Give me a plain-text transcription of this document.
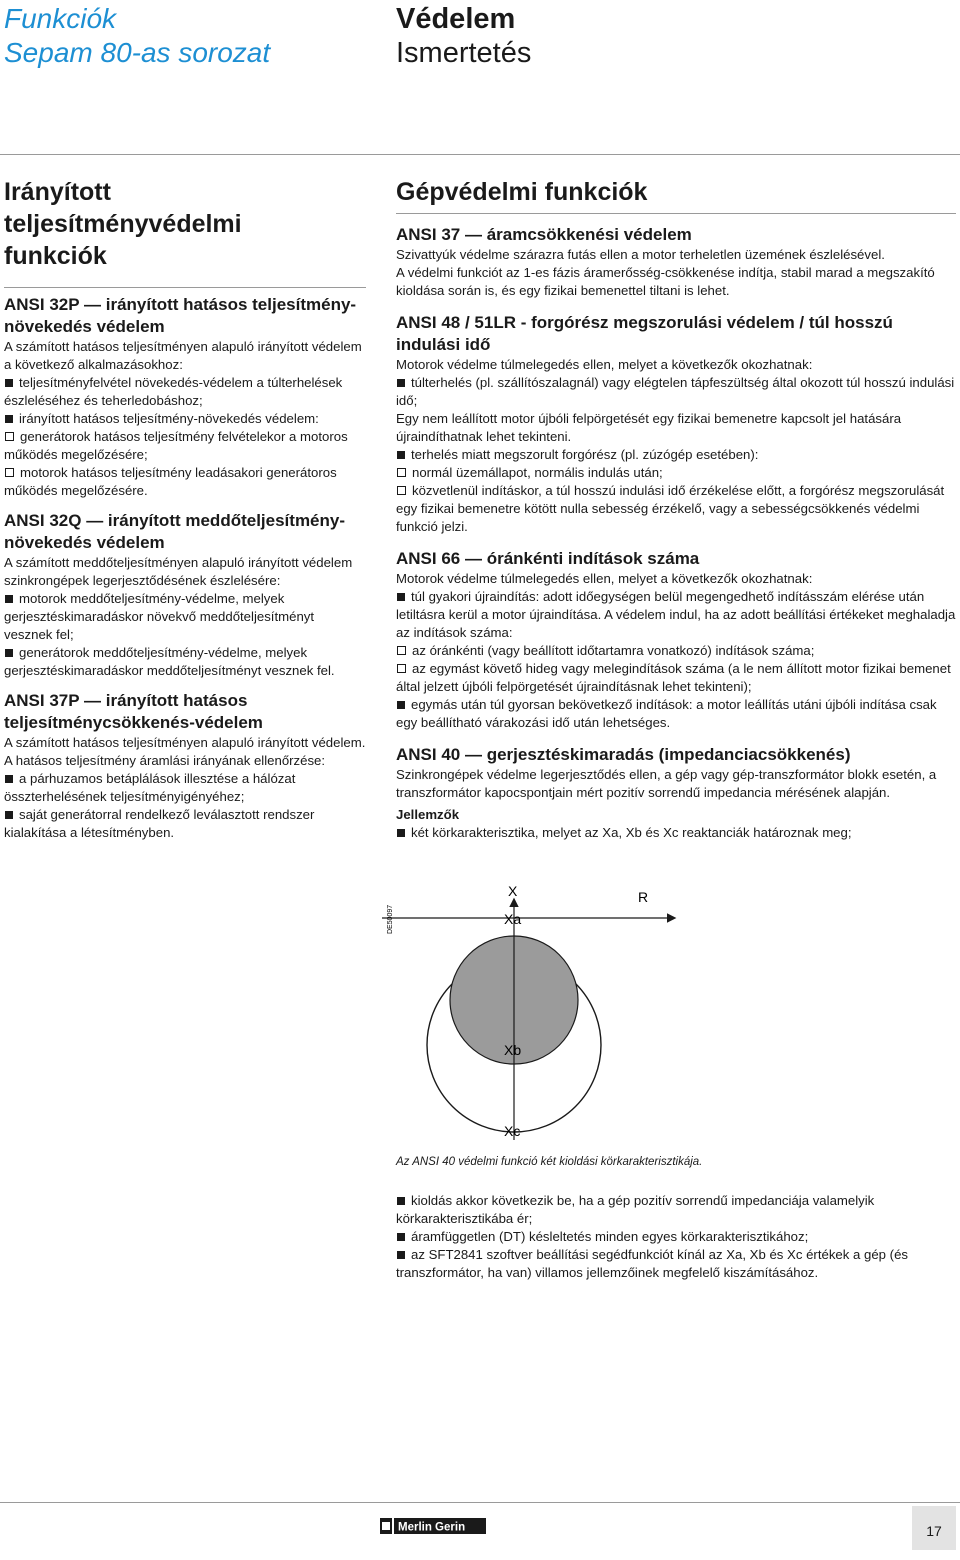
Funkciók
Sepam 80-as sorozat
Védelem
Ismertetés
Irányított teljesítményvédelmi funkciók
ANSI 32P — irányított hatásos teljesítmény-növekedés védelem

A számított hatásos teljesítményen alapuló irányított védelem a következő alkalmazásokhoz:

teljesítményfelvétel növekedés-védelem a túlterhelések észleléséhez és teherledobáshoz;

irányított hatásos teljesítmény-növekedés védelem:

generátorok hatásos teljesítmény felvételekor a motoros működés megelőzésére;

motorok hatásos teljesítmény leadásakori generátoros működés megelőzésére.

ANSI 32Q — irányított meddőteljesítmény-növekedés védelem

A számított meddőteljesítményen alapuló irányított védelem szinkrongépek legerjesztődésének észlelésére:

motorok meddőteljesítmény-védelme, melyek gerjesztéskimaradáskor növekvő meddőteljesítményt vesznek fel;

generátorok meddőteljesítmény-védelme, melyek gerjesztéskimaradáskor meddőteljesítményt vesznek fel.

ANSI 37P — irányított hatásos teljesítménycsökkenés-védelem

A számított hatásos teljesítményen alapuló irányított védelem. A hatásos teljesítmény áramlási irányának ellenőrzése:

a párhuzamos betáplálások illesztése a hálózat összterhelésének teljesítményigényéhez;

saját generátorral rendelkező leválasztott rendszer kialakítása a létesítményben.

Gépvédelmi funkciók
ANSI 37 — áramcsökkenési védelem

Szivattyúk védelme szárazra futás ellen a motor terheletlen üzemének észlelésével.

A védelmi funkciót az 1-es fázis áramerősség-csökkenése indítja, stabil marad a megszakító kioldása során is, és egy fizikai bemenettel tiltani is lehet.

ANSI 48 / 51LR - forgórész megszorulási védelem / túl hosszú indulási idő

Motorok védelme túlmelegedés ellen, melyet a következők okozhatnak:

túlterhelés (pl. szállítószalagnál) vagy elégtelen tápfeszültség által okozott túl hosszú indulási idő;

Egy nem leállított motor újbóli felpörgetését egy fizikai bemenetre kapcsolt jel hatására újraindíthatnak lehet tekinteni.

terhelés miatt megszorult forgórész (pl. zúzógép esetében):

normál üzemállapot, normális indulás után;

közvetlenül indításkor, a túl hosszú indulási idő érzékelése előtt, a forgórész megszorulását egy fizikai bemenetre kötött nulla sebesség érzékelő, vagy a sebességcsökkenés védelmi funkció jelzi.

ANSI 66 — óránkénti indítások száma

Motorok védelme túlmelegedés ellen, melyet a következők okozhatnak:

túl gyakori újraindítás: adott időegységen belül megengedhető indításszám elérése után letiltásra kerül a motor újraindítása. A védelem indul, ha az adott beállítási értékeket meghaladja az indítások száma:

az óránkénti (vagy beállított időtartamra vonatkozó) indítások száma;

az egymást követő hideg vagy melegindítások száma (a le nem állított motor fizikai bemenet által jelzett újbóli felpörgetését újraindításnak lehet tekinteni);

egymás után túl gyorsan bekövetkező indítások: a motor leállítás utáni újbóli indítása csak egy beállítható várakozási idő után lehetséges.

ANSI 40 — gerjesztéskimaradás (impedanciacsökkenés)

Szinkrongépek védelme legerjesztődés ellen, a gép vagy gép-transzformátor blokk esetén, a transzformátor kapocspontjain mért pozitív sorrendű impedancia mérésének alapján.

Jellemzők

két körkarakterisztika, melyet az Xa, Xb és Xc reaktanciák határoznak meg;

DE50097
X	R
Xa
Xb
Xc
Az ANSI 40 védelmi funkció két kioldási körkarakterisztikája.

kioldás akkor következik be, ha a gép pozitív sorrendű impedanciája valamelyik körkarakterisztikába ér;

áramfüggetlen (DT) késleltetés minden egyes körkarakterisztikához;

az SFT2841 szoftver beállítási segédfunkciót kínál az Xa, Xb és Xc értékek a gép (és transzformátor, ha van) villamos jellemzőinek megfelelő kiszámításához.

Merlin Gerin	17
